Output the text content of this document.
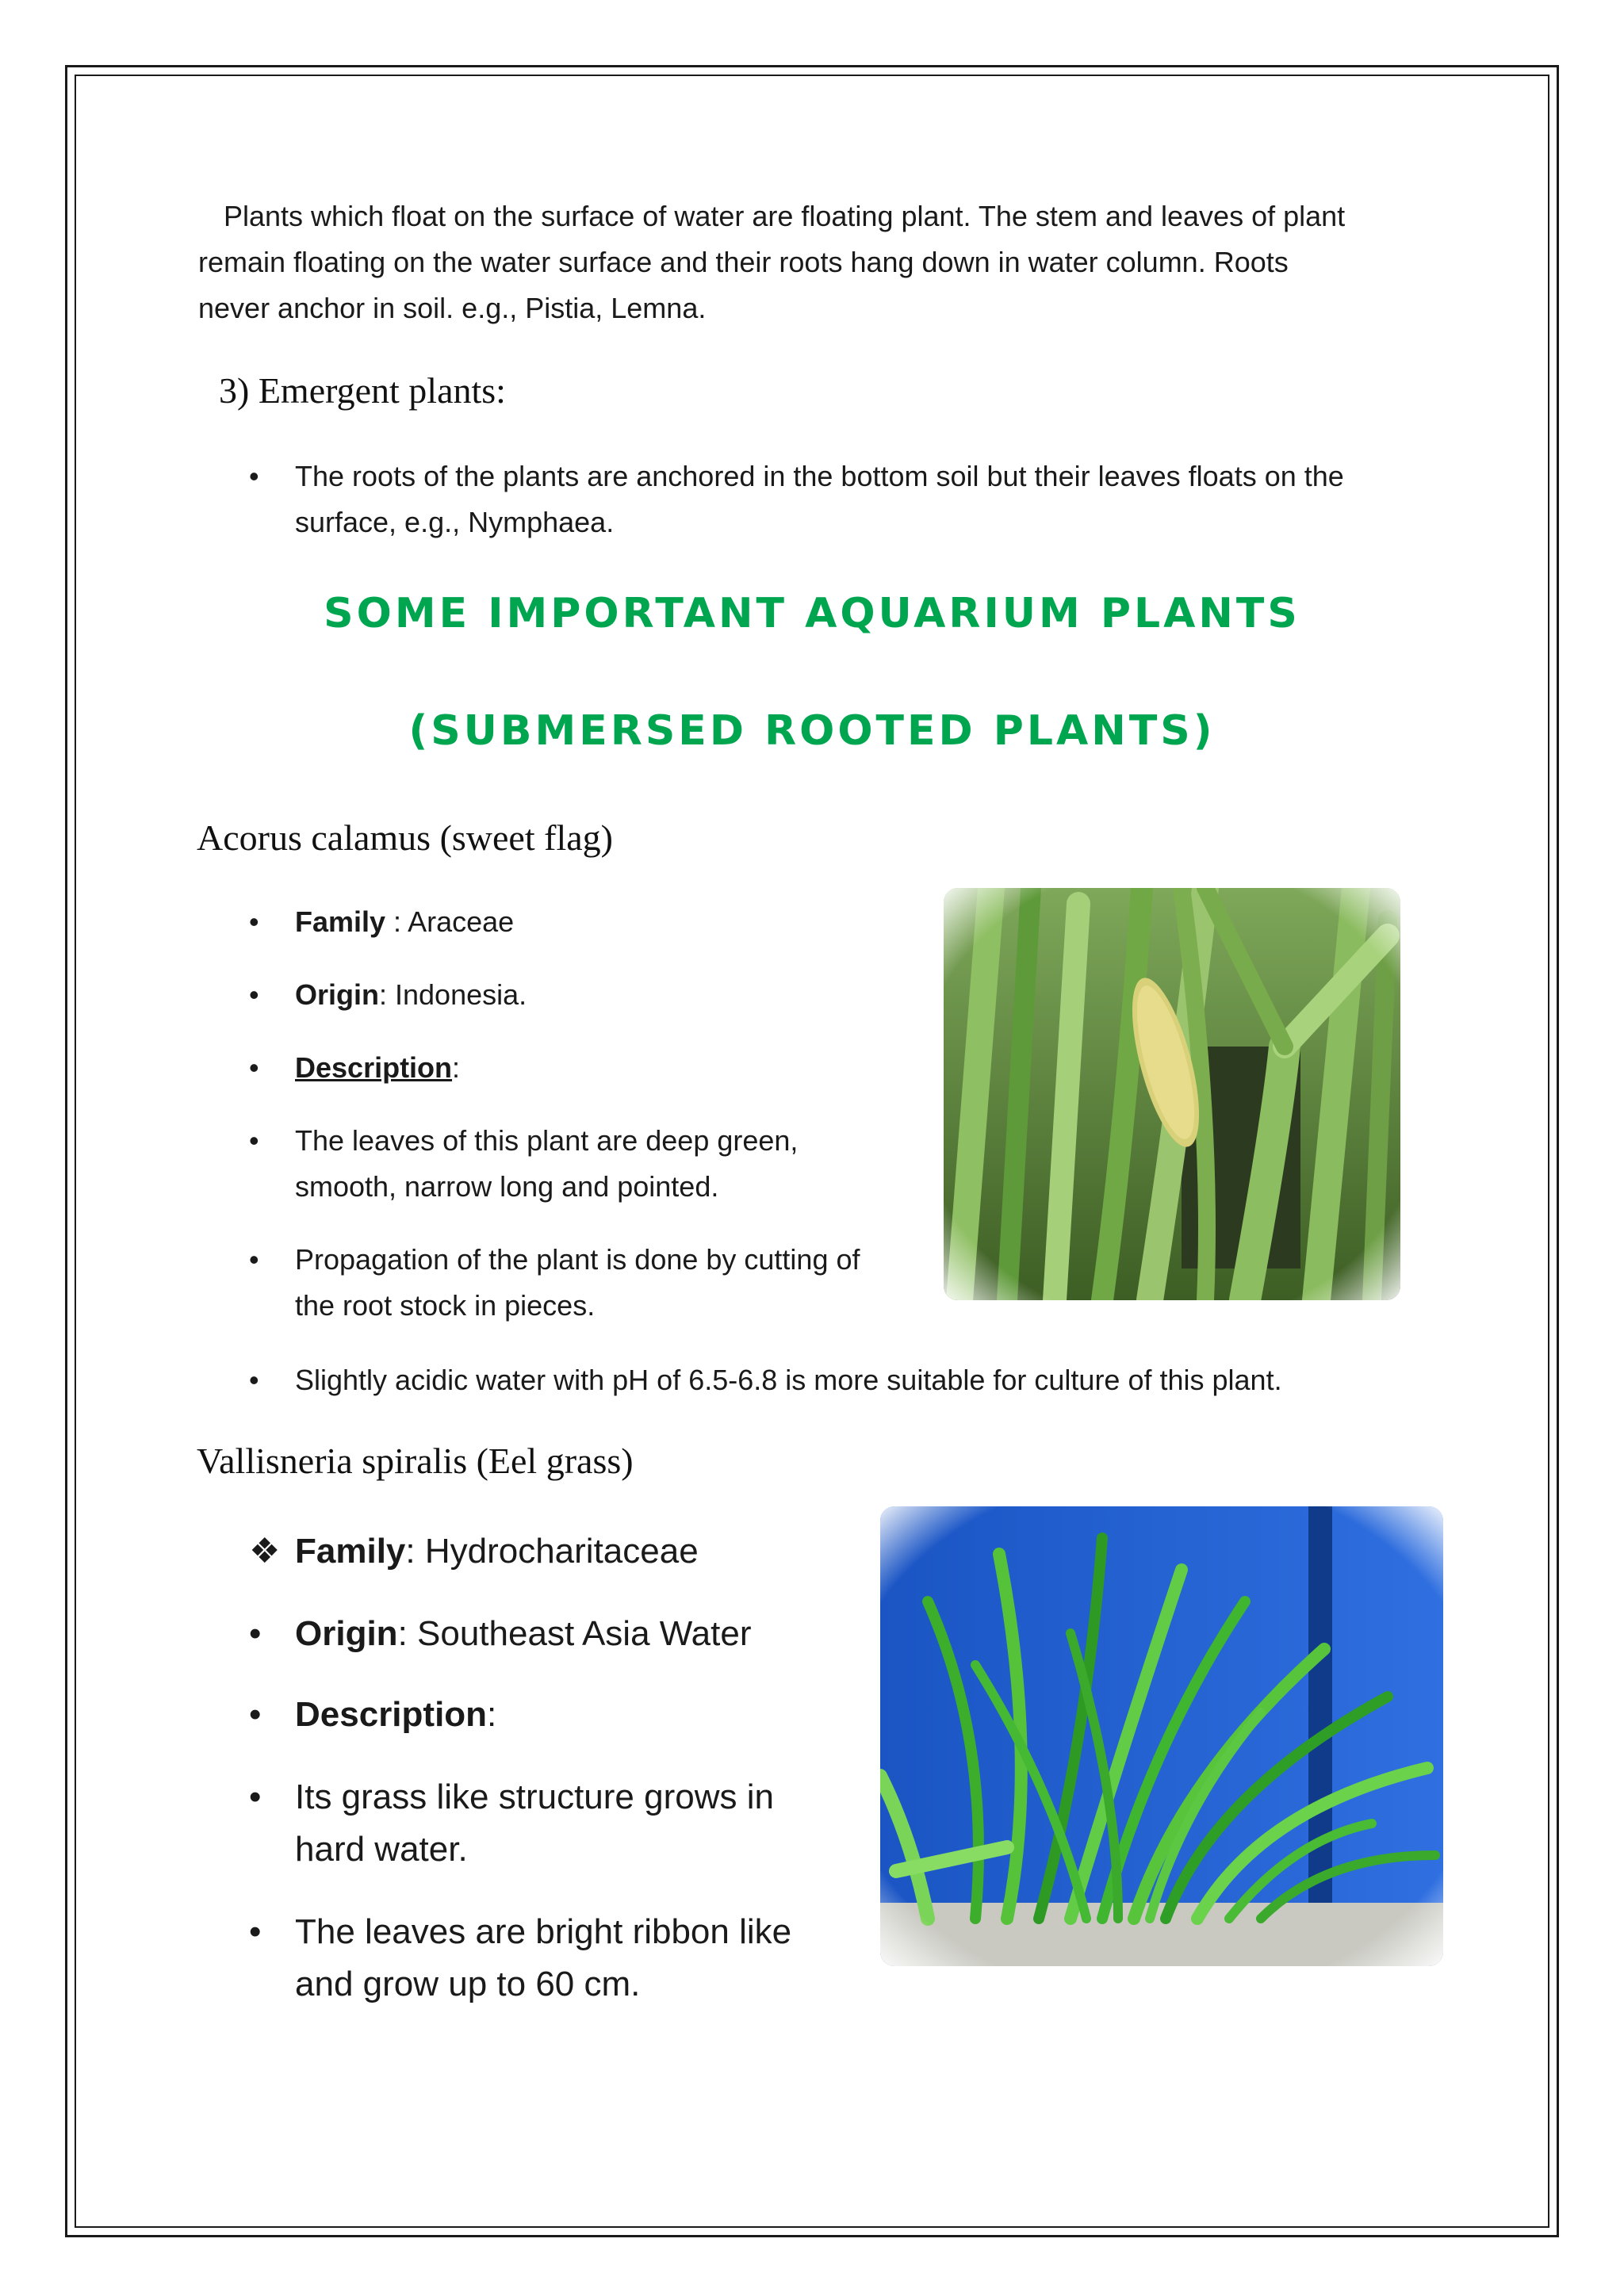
Plants which float on the surface of water are floating plant. The stem and leaves of plant
remain floating on the water surface and their roots hang down in water column. Roots
never anchor in soil. e.g., Pistia, Lemna.
3) Emergent plants:
• The roots of the plants are anchored in the bottom soil but their leaves floats on the
surface, e.g., Nymphaea.
SOME IMPORTANT AQUARIUM PLANTS
(SUBMERSED ROOTED PLANTS)
Acorus calamus (sweet flag)
• Family : Araceae
• Origin: Indonesia.
• Description:
• The leaves of this plant are deep green,
smooth, narrow long and pointed.
• Propagation of the plant is done by cutting of
the root stock in pieces.
• Slightly acidic water with pH of 6.5-6.8 is more suitable for culture of this plant.
Vallisneria spiralis (Eel grass)
❖ Family: Hydrocharitaceae
• Origin: Southeast Asia Water
• Description:
• Its grass like structure grows in
hard water.
• The leaves are bright ribbon like
and grow up to 60 cm.
